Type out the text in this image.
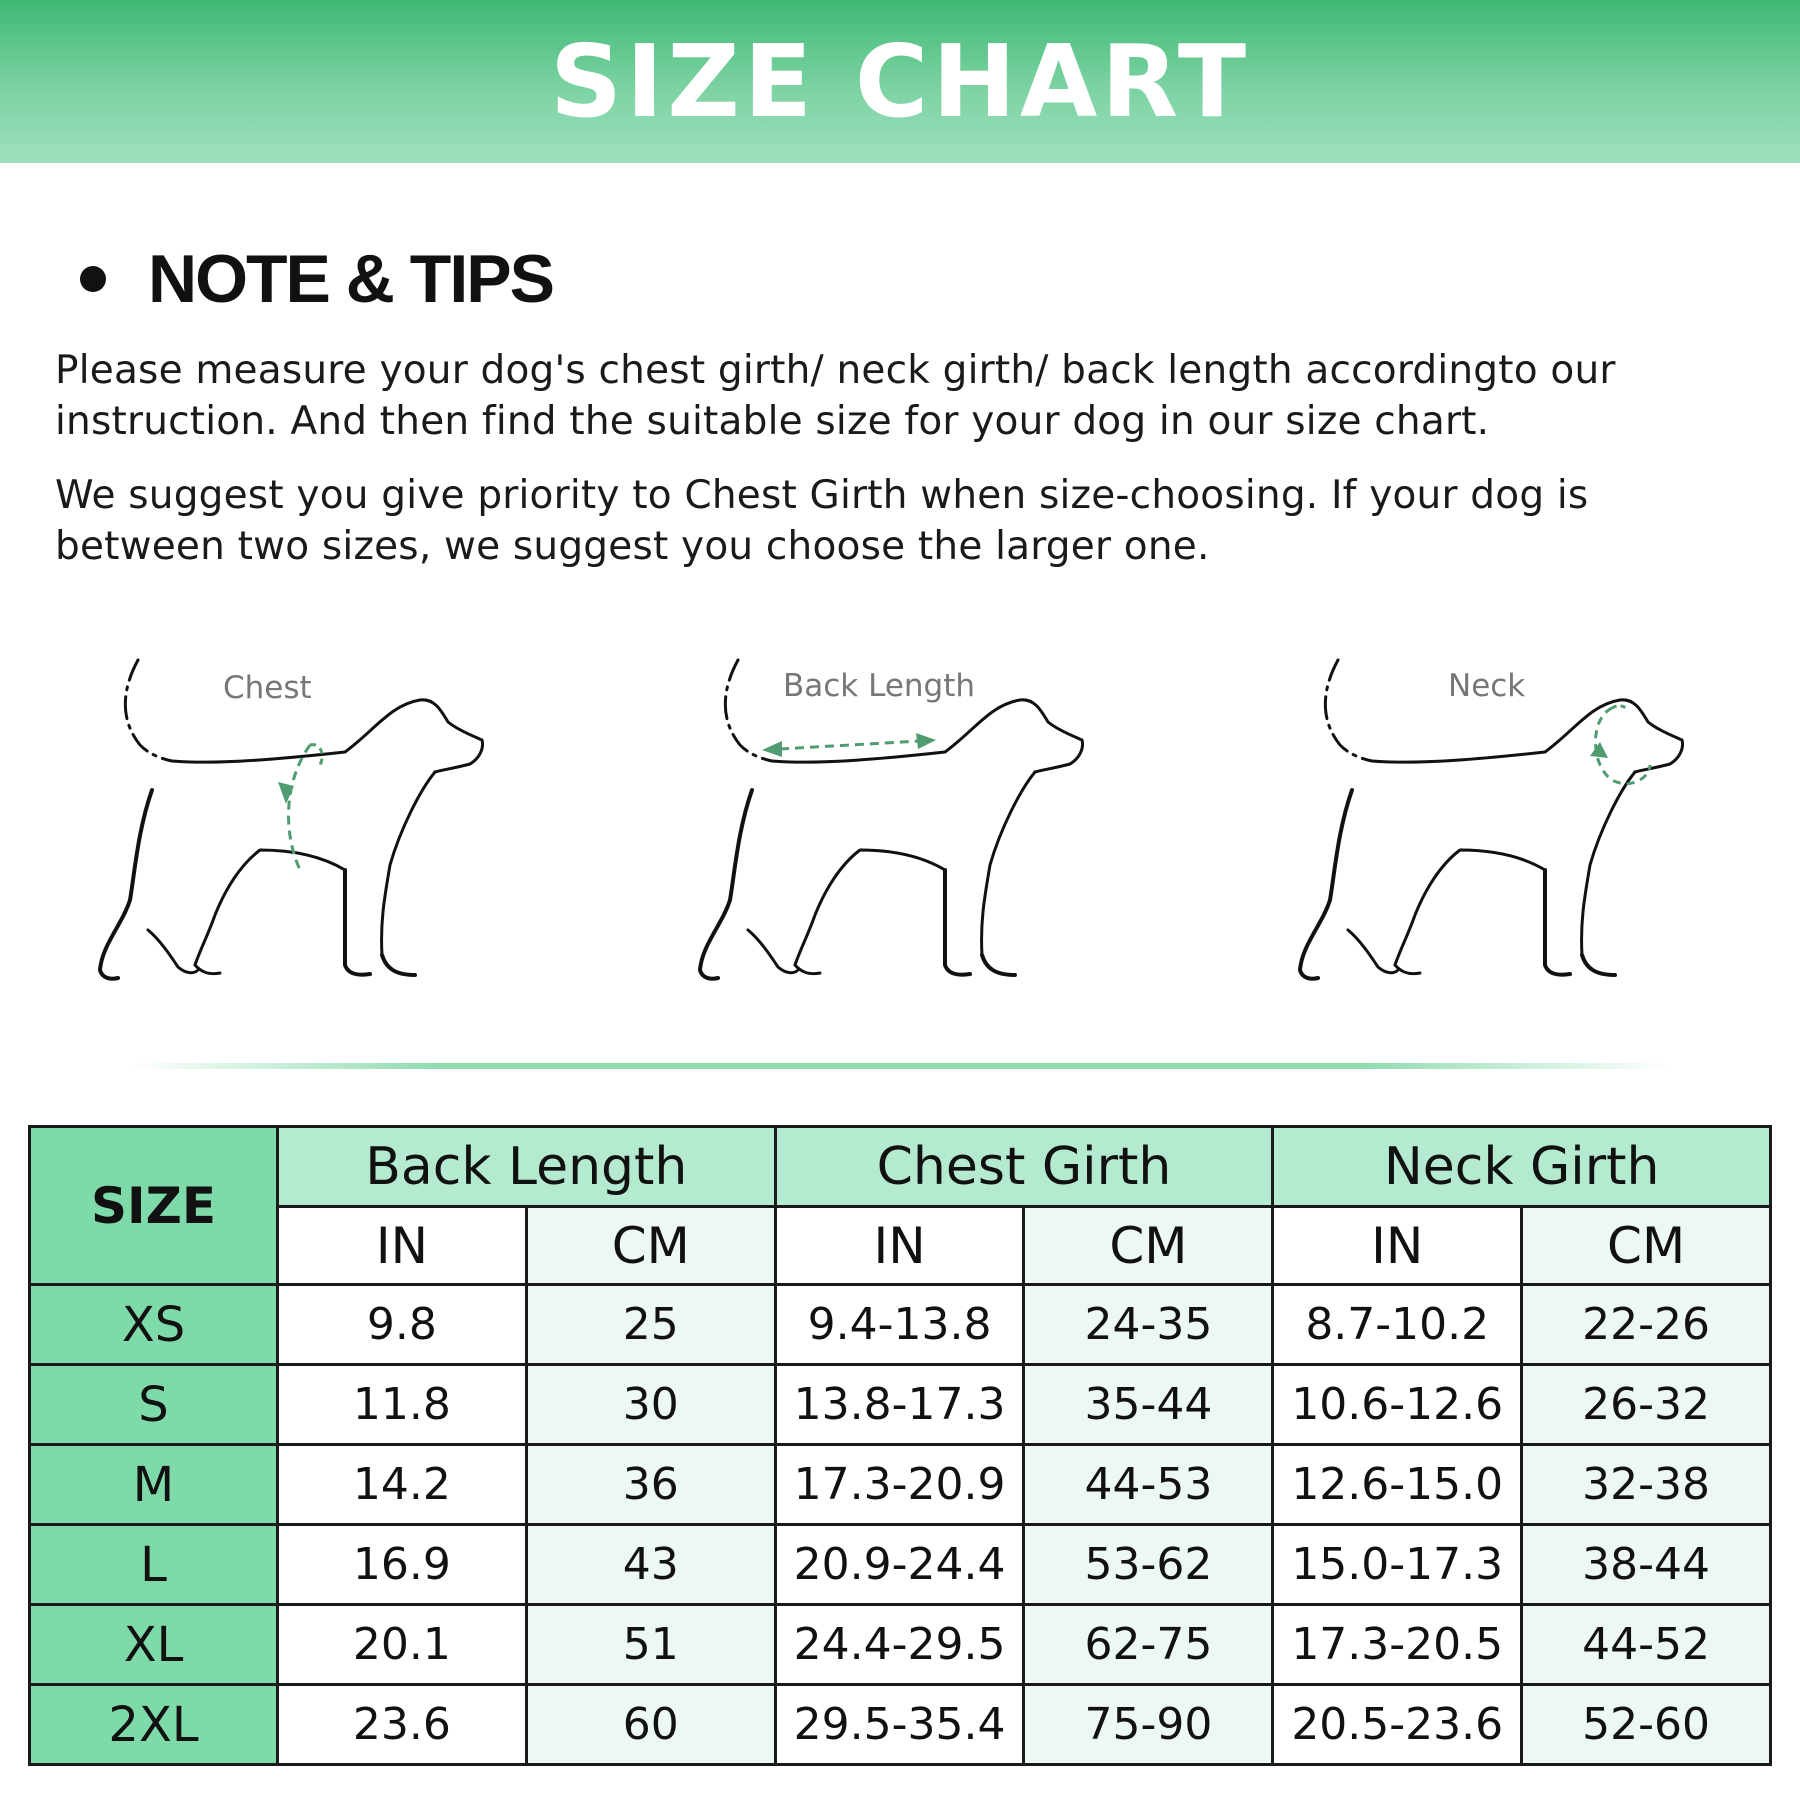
SIZE CHART
NOTE & TIPS

Please measure your dog's chest girth/ neck girth/ back length accordingto our instruction. And then find the suitable size for your dog in our size chart.

We suggest you give priority to Chest Girth when size-choosing. If your dog is between two sizes, we suggest you choose the larger one.

Chest	Back Length	Neck
SIZE	Back Length		Chest Girth		Neck Girth	
	IN	CM	IN	CM	IN	CM
XS	9.8	25	9.4-13.8	24-35	8.7-10.2	22-26
S	11.8	30	13.8-17.3	35-44	10.6-12.6	26-32
M	14.2	36	17.3-20.9	44-53	12.6-15.0	32-38
L	16.9	43	20.9-24.4	53-62	15.0-17.3	38-44
XL	20.1	51	24.4-29.5	62-75	17.3-20.5	44-52
2XL	23.6	60	29.5-35.4	75-90	20.5-23.6	52-60
